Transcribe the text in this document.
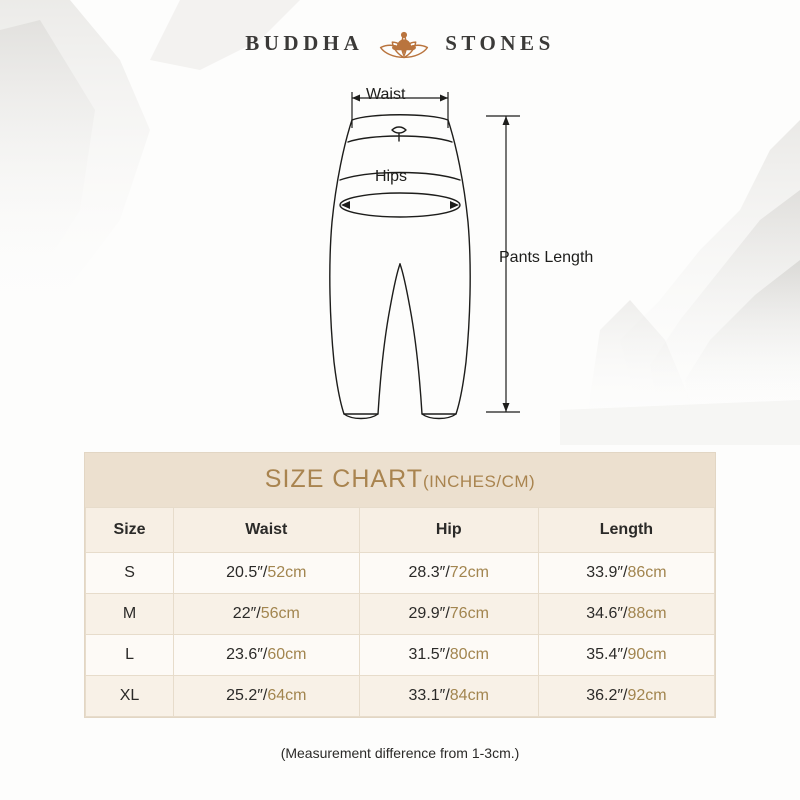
BUDDHA	STONES
Waist
Hips
Pants Length
SIZE CHART(INCHES/CM)
Size	Waist	Hip	Length
S	20.5″/52cm	28.3″/72cm	33.9″/86cm
M	22″/56cm	29.9″/76cm	34.6″/88cm
L	23.6″/60cm	31.5″/80cm	35.4″/90cm
XL	25.2″/64cm	33.1″/84cm	36.2″/92cm
(Measurement difference from 1-3cm.)
